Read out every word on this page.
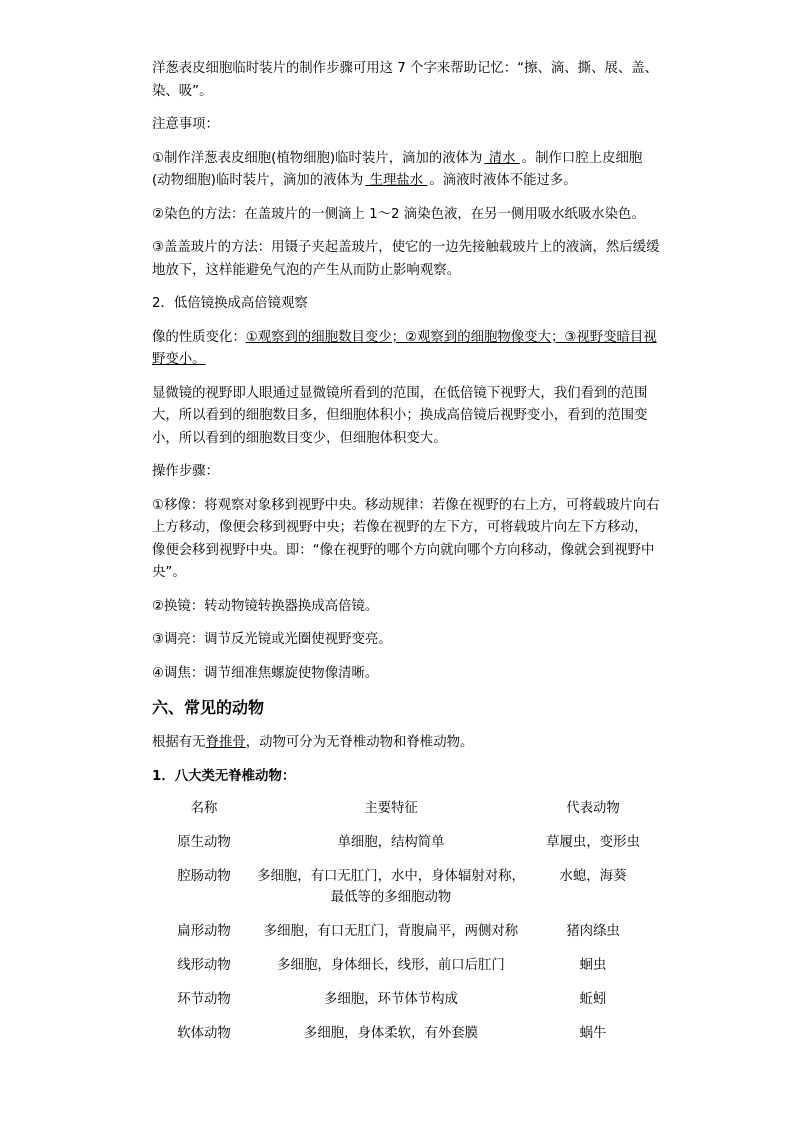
洋葱表皮细胞临时装片的制作步骤可用这 7 个字来帮助记忆：“擦、滴、撕、展、盖、染、吸”。

注意事项：

①制作洋葱表皮细胞(植物细胞)临时装片，滴加的液体为 清水 。制作口腔上皮细胞(动物细胞)临时装片，滴加的液体为 生理盐水 。滴液时液体不能过多。

②染色的方法：在盖玻片的一侧滴上 1～2 滴染色液，在另一侧用吸水纸吸水染色。

③盖盖玻片的方法：用镊子夹起盖玻片，使它的一边先接触载玻片上的液滴，然后缓缓地放下，这样能避免气泡的产生从而防止影响观察。

2．低倍镜换成高倍镜观察

像的性质变化：①观察到的细胞数目变少；②观察到的细胞物像变大；③视野变暗目视野变小。

显微镜的视野即人眼通过显微镜所看到的范围，在低倍镜下视野大，我们看到的范围大，所以看到的细胞数目多，但细胞体积小；换成高倍镜后视野变小，看到的范围变小，所以看到的细胞数目变少，但细胞体积变大。

操作步骤：

①移像：将观察对象移到视野中央。移动规律：若像在视野的右上方，可将载玻片向右上方移动，像便会移到视野中央；若像在视野的左下方，可将载玻片向左下方移动，像便会移到视野中央。即：“像在视野的哪个方向就向哪个方向移动，像就会到视野中央”。

②换镜：转动物镜转换器换成高倍镜。

③调亮：调节反光镜或光圈使视野变亮。

④调焦：调节细准焦螺旋使物像清晰。

六、常见的动物

根据有无脊推骨，动物可分为无脊椎动物和脊椎动物。

1．八大类无脊椎动物：

名称	主要特征	代表动物
原生动物	单细胞，结构简单	草履虫，变形虫
腔肠动物	多细胞，有口无肛门，水中，身体辐射对称，最低等的多细胞动物	水螅，海葵
扁形动物	多细胞，有口无肛门，背腹扁平，两侧对称	猪肉绦虫
线形动物	多细胞，身体细长，线形，前口后肛门	蛔虫
环节动物	多细胞，环节体节构成	蚯蚓
软体动物	多细胞，身体柔软，有外套膜	蜗牛
